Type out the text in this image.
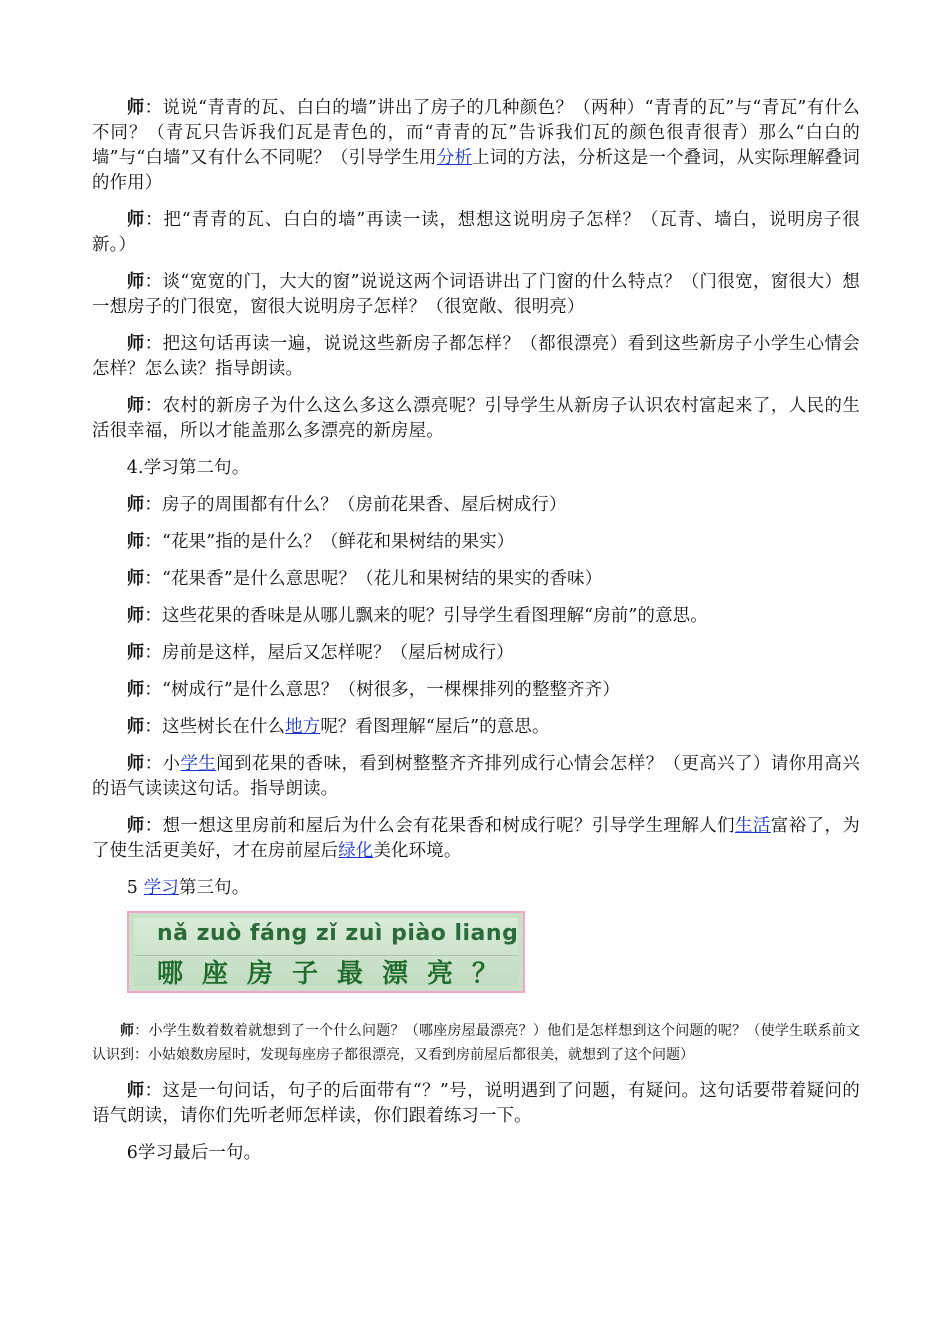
师：说说“青青的瓦、白白的墙”讲出了房子的几种颜色？（两种）“青青的瓦”与“青瓦”有什么不同？（青瓦只告诉我们瓦是青色的，而“青青的瓦”告诉我们瓦的颜色很青很青）那么“白白的墙”与“白墙”又有什么不同呢？（引导学生用分析上词的方法，分析这是一个叠词，从实际理解叠词的作用）

师：把“青青的瓦、白白的墙”再读一读，想想这说明房子怎样？（瓦青、墙白，说明房子很新。）

师：谈“宽宽的门，大大的窗”说说这两个词语讲出了门窗的什么特点？（门很宽，窗很大）想一想房子的门很宽，窗很大说明房子怎样？（很宽敞、很明亮）

师：把这句话再读一遍，说说这些新房子都怎样？（都很漂亮）看到这些新房子小学生心情会怎样？怎么读？指导朗读。

师：农村的新房子为什么这么多这么漂亮呢？引导学生从新房子认识农村富起来了，人民的生活很幸福，所以才能盖那么多漂亮的新房屋。

4.学习第二句。

师：房子的周围都有什么？（房前花果香、屋后树成行）

师：“花果”指的是什么？（鲜花和果树结的果实）

师：“花果香”是什么意思呢？（花儿和果树结的果实的香味）

师：这些花果的香味是从哪儿飘来的呢？引导学生看图理解“房前”的意思。

师：房前是这样，屋后又怎样呢？（屋后树成行）

师：“树成行”是什么意思？（树很多，一棵棵排列的整整齐齐）

师：这些树长在什么地方呢？看图理解“屋后”的意思。

师：小学生闻到花果的香味，看到树整整齐齐排列成行心情会怎样？（更高兴了）请你用高兴的语气读读这句话。指导朗读。

师：想一想这里房前和屋后为什么会有花果香和树成行呢？引导学生理解人们生活富裕了，为了使生活更美好，才在房前屋后绿化美化环境。

5 学习第三句。

nǎ zuò fáng zǐ zuì piào liang
哪座房子最漂亮？

师：小学生数着数着就想到了一个什么问题？（哪座房屋最漂亮？）他们是怎样想到这个问题的呢？（使学生联系前文认识到：小姑娘数房屋时，发现每座房子都很漂亮，又看到房前屋后都很美，就想到了这个问题）

师：这是一句问话，句子的后面带有“？”号，说明遇到了问题，有疑问。这句话要带着疑问的语气朗读，请你们先听老师怎样读，你们跟着练习一下。

6学习最后一句。
